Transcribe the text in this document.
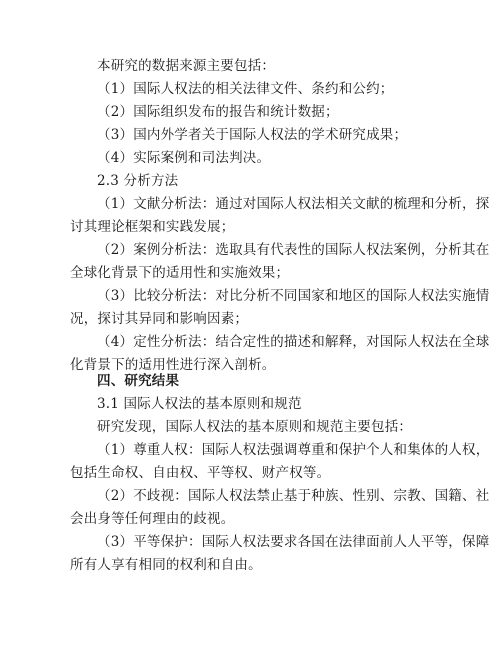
本研究的数据来源主要包括：
（1）国际人权法的相关法律文件、条约和公约；
（2）国际组织发布的报告和统计数据；
（3）国内外学者关于国际人权法的学术研究成果；
（4）实际案例和司法判决。
2.3 分析方法
（1）文献分析法：通过对国际人权法相关文献的梳理和分析，探
讨其理论框架和实践发展；
（2）案例分析法：选取具有代表性的国际人权法案例，分析其在
全球化背景下的适用性和实施效果；
（3）比较分析法：对比分析不同国家和地区的国际人权法实施情
况，探讨其异同和影响因素；
（4）定性分析法：结合定性的描述和解释，对国际人权法在全球
化背景下的适用性进行深入剖析。
四、研究结果
3.1 国际人权法的基本原则和规范
研究发现，国际人权法的基本原则和规范主要包括：
（1）尊重人权：国际人权法强调尊重和保护个人和集体的人权，
包括生命权、自由权、平等权、财产权等。
（2）不歧视：国际人权法禁止基于种族、性别、宗教、国籍、社
会出身等任何理由的歧视。
（3）平等保护：国际人权法要求各国在法律面前人人平等，保障
所有人享有相同的权利和自由。
